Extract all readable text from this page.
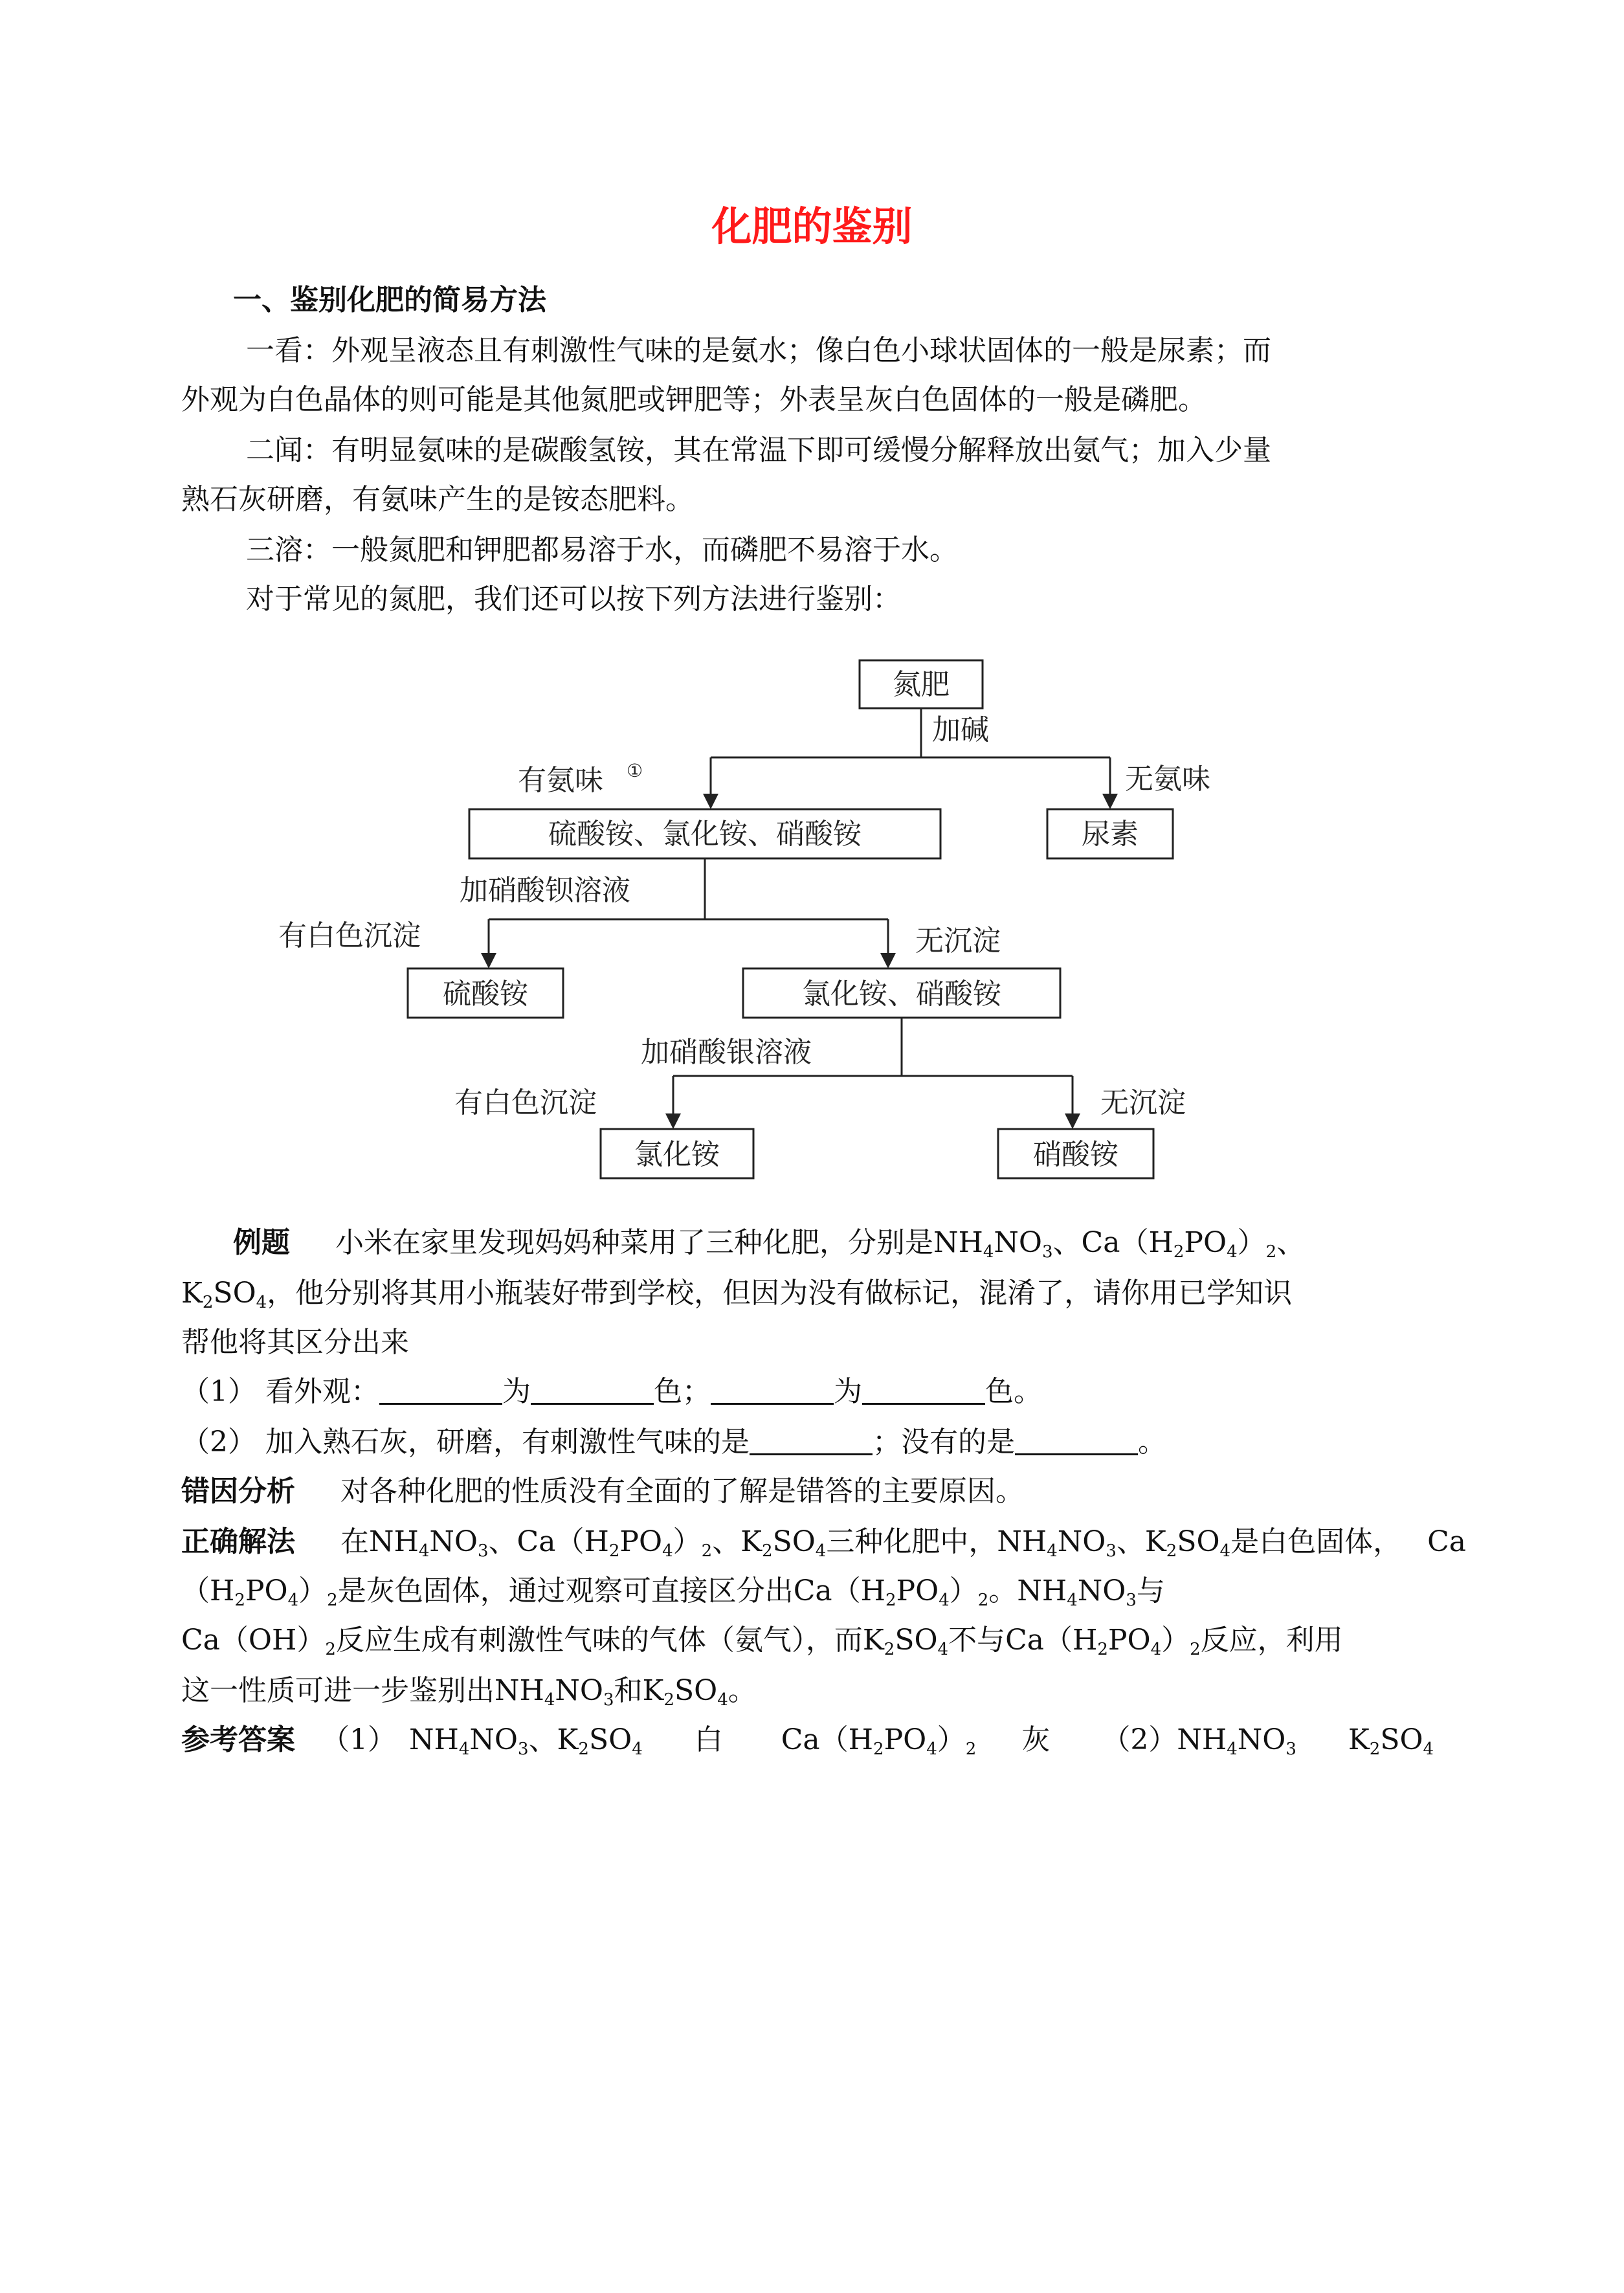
化肥的鉴别
一、鉴别化肥的简易方法
一看：外观呈液态且有刺激性气味的是氨水；像白色小球状固体的一般是尿素；而
外观为白色晶体的则可能是其他氮肥或钾肥等；外表呈灰白色固体的一般是磷肥。
二闻：有明显氨味的是碳酸氢铵，其在常温下即可缓慢分解释放出氨气；加入少量
熟石灰研磨，有氨味产生的是铵态肥料。
三溶：一般氮肥和钾肥都易溶于水，而磷肥不易溶于水。
对于常见的氮肥，我们还可以按下列方法进行鉴别：
氮肥
加碱
有氨味 ①	无氨味
硫酸铵、氯化铵、硝酸铵	尿素
加硝酸钡溶液
有白色沉淀	无沉淀
硫酸铵	氯化铵、硝酸铵
加硝酸银溶液
有白色沉淀	无沉淀
氯化铵	硝酸铵
例题 小米在家里发现妈妈种菜用了三种化肥，分别是$NH_4NO_3$、$Ca(H_2PO_4)_2$、
$K_2SO_4$，他分别将其用小瓶装好带到学校，但因为没有做标记，混淆了，请你用已学知识
帮他将其区分出来
（1） 看外观：	为	色；	为	色。
（2） 加入熟石灰，研磨，有刺激性气味的是	；没有的是	。
错因分析 对各种化肥的性质没有全面的了解是错答的主要原因。
正确解法 在$NH_4NO_3$、$Ca(H_2PO_4)_2$、$K_2SO_4$三种化肥中，$NH_4NO_3$、$K_2SO_4$是白色固体， Ca
$(H_2PO_4)_2$是灰色固体，通过观察可直接区分出$Ca(H_2PO_4)_2$。$NH_4NO_3$与
$Ca(OH)_2$反应生成有刺激性气味的气体（氨气），而$K_2SO_4$不与$Ca(H_2PO_4)_2$反应，利用
这一性质可进一步鉴别出$NH_4NO_3$和$K_2SO_4$。
参考答案 （1） $NH_4NO_3$、$K_2SO_4$ 白 $Ca(H_2PO_4)_2$ 灰 $(2)NH_4NO_3$ $K_2SO_4$
